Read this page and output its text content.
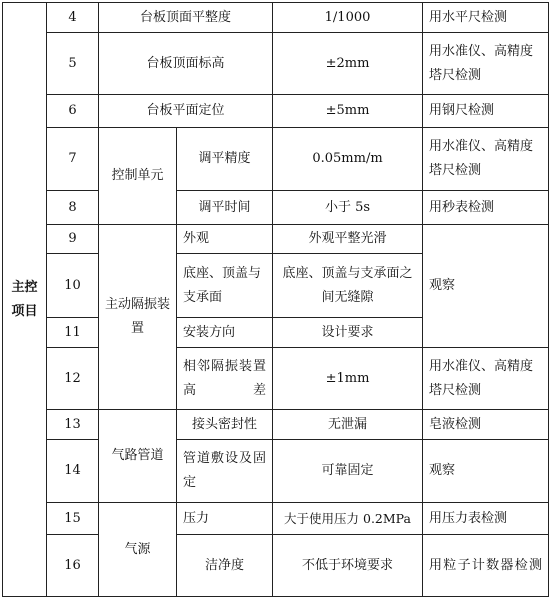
主控项目	4	台板顶面平整度		1/1000	用水平尺检测
	5	台板顶面标高		±2mm	用水准仪、高精度塔尺检测
	6	台板平面定位		±5mm	用钢尺检测
	7	控制单元	调平精度	0.05mm/m	用水准仪、高精度塔尺检测
	8		调平时间	小于 5s	用秒表检测
	9	主动隔振装置	外观	外观平整光滑	观察
	10		底座、顶盖与支承面	底座、顶盖与支承面之间无缝隙	
	11		安装方向	设计要求	
	12		相邻隔振装置高差	±1mm	用水准仪、高精度塔尺检测
	13	气路管道	接头密封性	无泄漏	皂液检测
	14		管道敷设及固定	可靠固定	观察
	15	气源	压力	大于使用压力 0.2MPa	用压力表检测
	16		洁净度	不低于环境要求	用粒子计数器检测
